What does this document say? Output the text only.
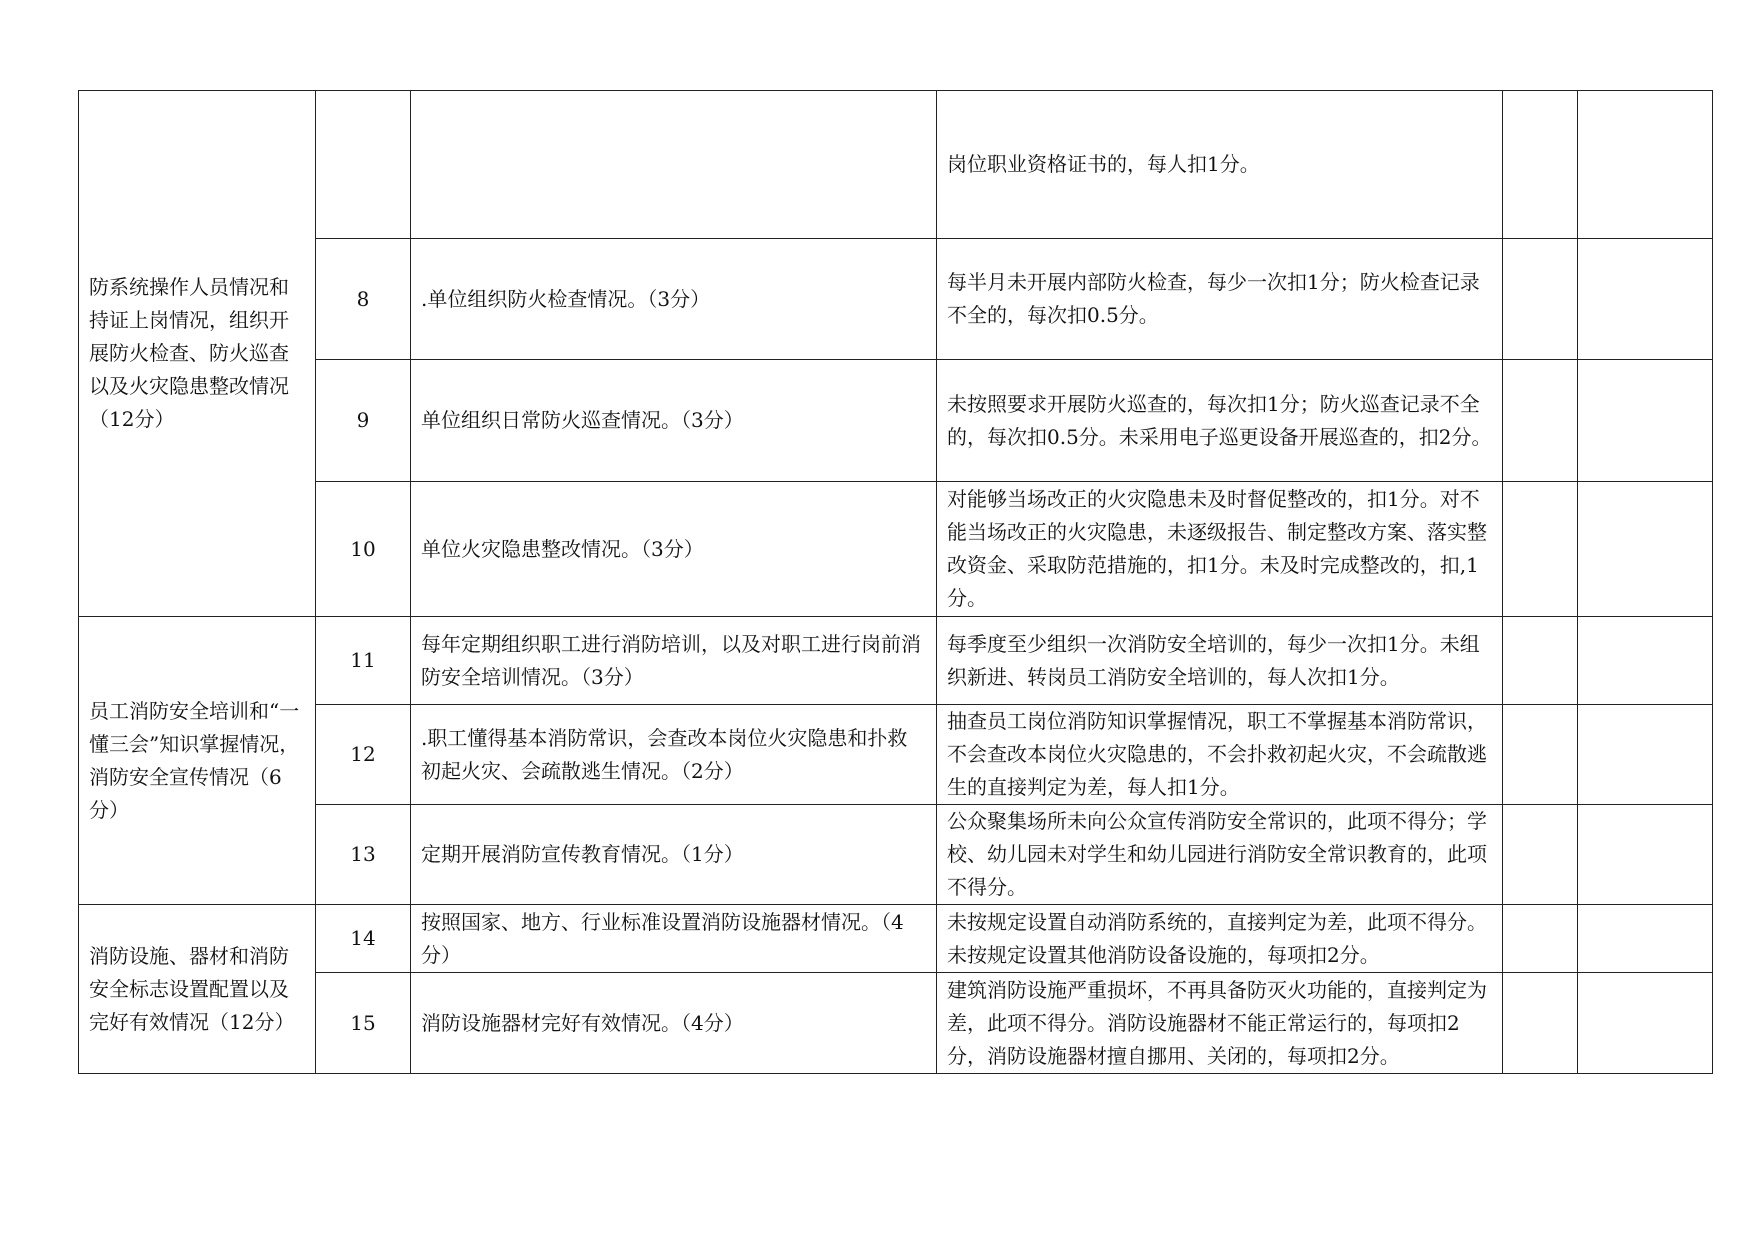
防系统操作人员情况和持证上岗情况，组织开展防火检查、防火巡查以及火灾隐患整改情况（12分）			岗位职业资格证书的，每人扣1分。		
	8	.单位组织防火检查情况。（3分）	每半月未开展内部防火检查，每少一次扣1分；防火检查记录不全的，每次扣0.5分。		
	9	单位组织日常防火巡查情况。（3分）	未按照要求开展防火巡查的，每次扣1分；防火巡查记录不全的，每次扣0.5分。未采用电子巡更设备开展巡查的，扣2分。		
	10	单位火灾隐患整改情况。（3分）	对能够当场改正的火灾隐患未及时督促整改的，扣1分。对不能当场改正的火灾隐患，未逐级报告、制定整改方案、落实整改资金、采取防范措施的，扣1分。未及时完成整改的，扣,1分。		
员工消防安全培训和“一懂三会”知识掌握情况，消防安全宣传情况（6分）	11	每年定期组织职工进行消防培训，以及对职工进行岗前消防安全培训情况。（3分）	每季度至少组织一次消防安全培训的，每少一次扣1分。未组织新进、转岗员工消防安全培训的，每人次扣1分。		
	12	.职工懂得基本消防常识，会查改本岗位火灾隐患和扑救初起火灾、会疏散逃生情况。（2分）	抽查员工岗位消防知识掌握情况，职工不掌握基本消防常识，不会查改本岗位火灾隐患的，不会扑救初起火灾，不会疏散逃生的直接判定为差，每人扣1分。		
	13	定期开展消防宣传教育情况。（1分）	公众聚集场所未向公众宣传消防安全常识的，此项不得分；学校、幼儿园未对学生和幼儿园进行消防安全常识教育的，此项不得分。		
消防设施、器材和消防安全标志设置配置以及完好有效情况（12分）	14	按照国家、地方、行业标准设置消防设施器材情况。（4分）	未按规定设置自动消防系统的，直接判定为差，此项不得分。未按规定设置其他消防设备设施的，每项扣2分。		
	15	消防设施器材完好有效情况。（4分）	建筑消防设施严重损坏，不再具备防灭火功能的，直接判定为差，此项不得分。消防设施器材不能正常运行的，每项扣2分，消防设施器材擅自挪用、关闭的，每项扣2分。		
